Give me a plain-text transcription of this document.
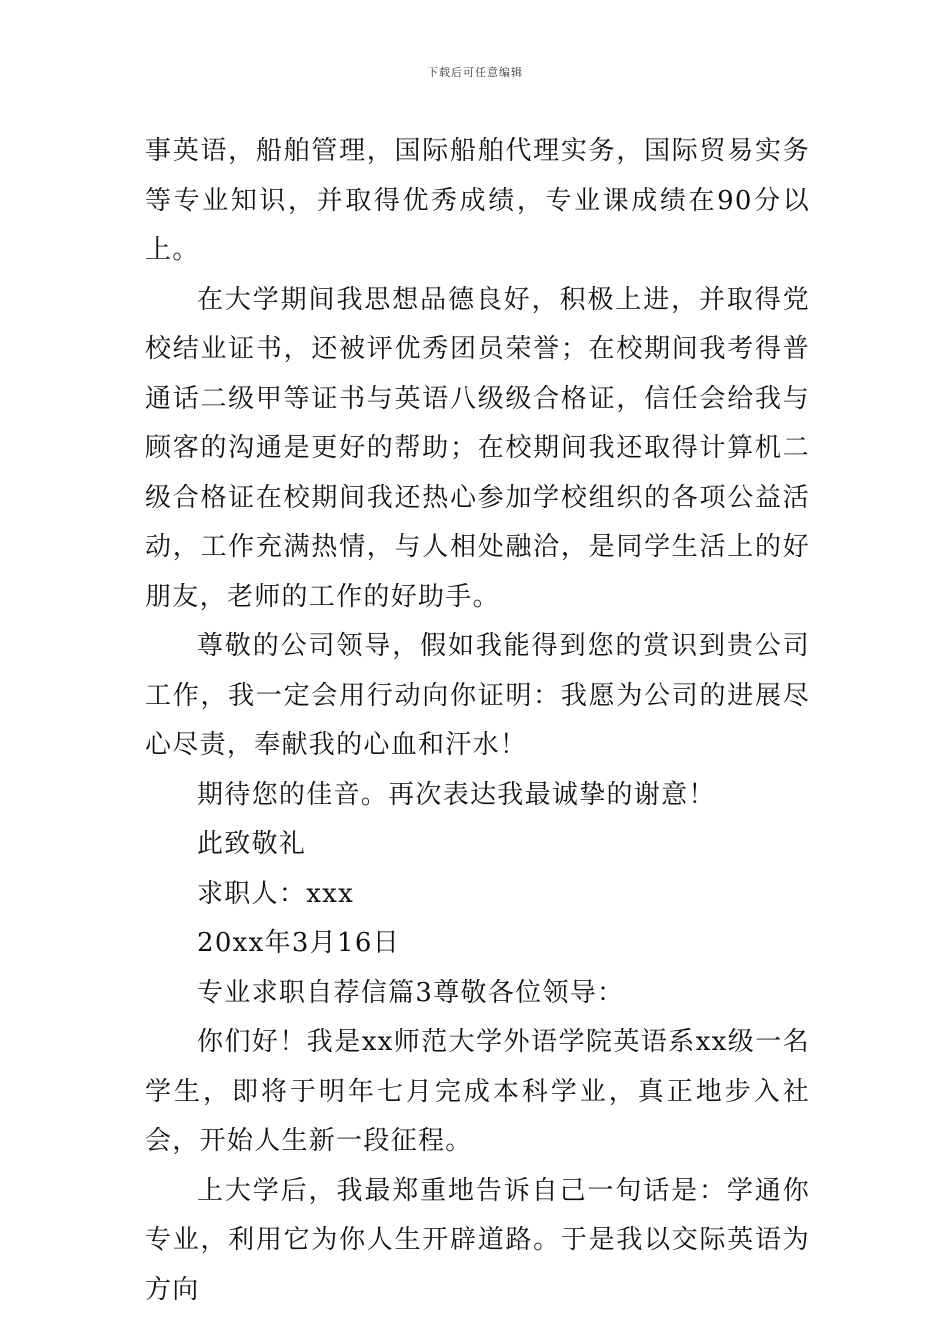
下载后可任意编辑

事英语，船舶管理，国际船舶代理实务，国际贸易实务等专业知识，并取得优秀成绩，专业课成绩在90分以上。

在大学期间我思想品德良好，积极上进，并取得党校结业证书，还被评优秀团员荣誉；在校期间我考得普通话二级甲等证书与英语八级级合格证，信任会给我与顾客的沟通是更好的帮助；在校期间我还取得计算机二级合格证在校期间我还热心参加学校组织的各项公益活动，工作充满热情，与人相处融洽，是同学生活上的好朋友，老师的工作的好助手。

尊敬的公司领导，假如我能得到您的赏识到贵公司工作，我一定会用行动向你证明：我愿为公司的进展尽心尽责，奉献我的心血和汗水！

期待您的佳音。再次表达我最诚挚的谢意！

此致敬礼

求职人：xxx

20xx年3月16日

专业求职自荐信篇3尊敬各位领导：

你们好！我是xx师范大学外语学院英语系xx级一名学生，即将于明年七月完成本科学业，真正地步入社会，开始人生新一段征程。

上大学后，我最郑重地告诉自己一句话是：学通你专业，利用它为你人生开辟道路。于是我以交际英语为方向
